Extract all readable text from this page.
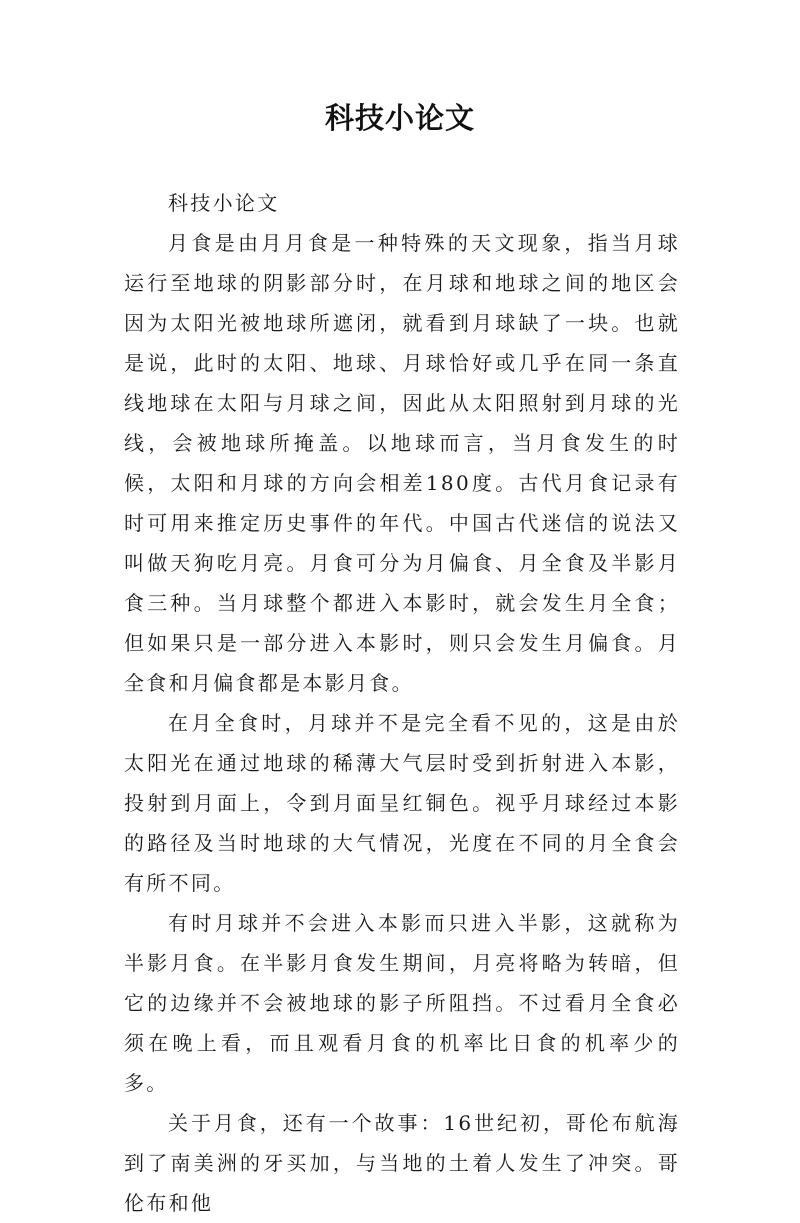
科技小论文

科技小论文

月食是由月月食是一种特殊的天文现象，指当月球运行至地球的阴影部分时，在月球和地球之间的地区会因为太阳光被地球所遮闭，就看到月球缺了一块。也就是说，此时的太阳、地球、月球恰好或几乎在同一条直线地球在太阳与月球之间，因此从太阳照射到月球的光线，会被地球所掩盖。以地球而言，当月食发生的时候，太阳和月球的方向会相差180度。古代月食记录有时可用来推定历史事件的年代。中国古代迷信的说法又叫做天狗吃月亮。月食可分为月偏食、月全食及半影月食三种。当月球整个都进入本影时，就会发生月全食；但如果只是一部分进入本影时，则只会发生月偏食。月全食和月偏食都是本影月食。

在月全食时，月球并不是完全看不见的，这是由於太阳光在通过地球的稀薄大气层时受到折射进入本影，投射到月面上，令到月面呈红铜色。视乎月球经过本影的路径及当时地球的大气情况，光度在不同的月全食会有所不同。

有时月球并不会进入本影而只进入半影，这就称为半影月食。在半影月食发生期间，月亮将略为转暗，但它的边缘并不会被地球的影子所阻挡。不过看月全食必须在晚上看，而且观看月食的机率比日食的机率少的多。

关于月食，还有一个故事：16世纪初，哥伦布航海到了南美洲的牙买加，与当地的土着人发生了冲突。哥伦布和他
